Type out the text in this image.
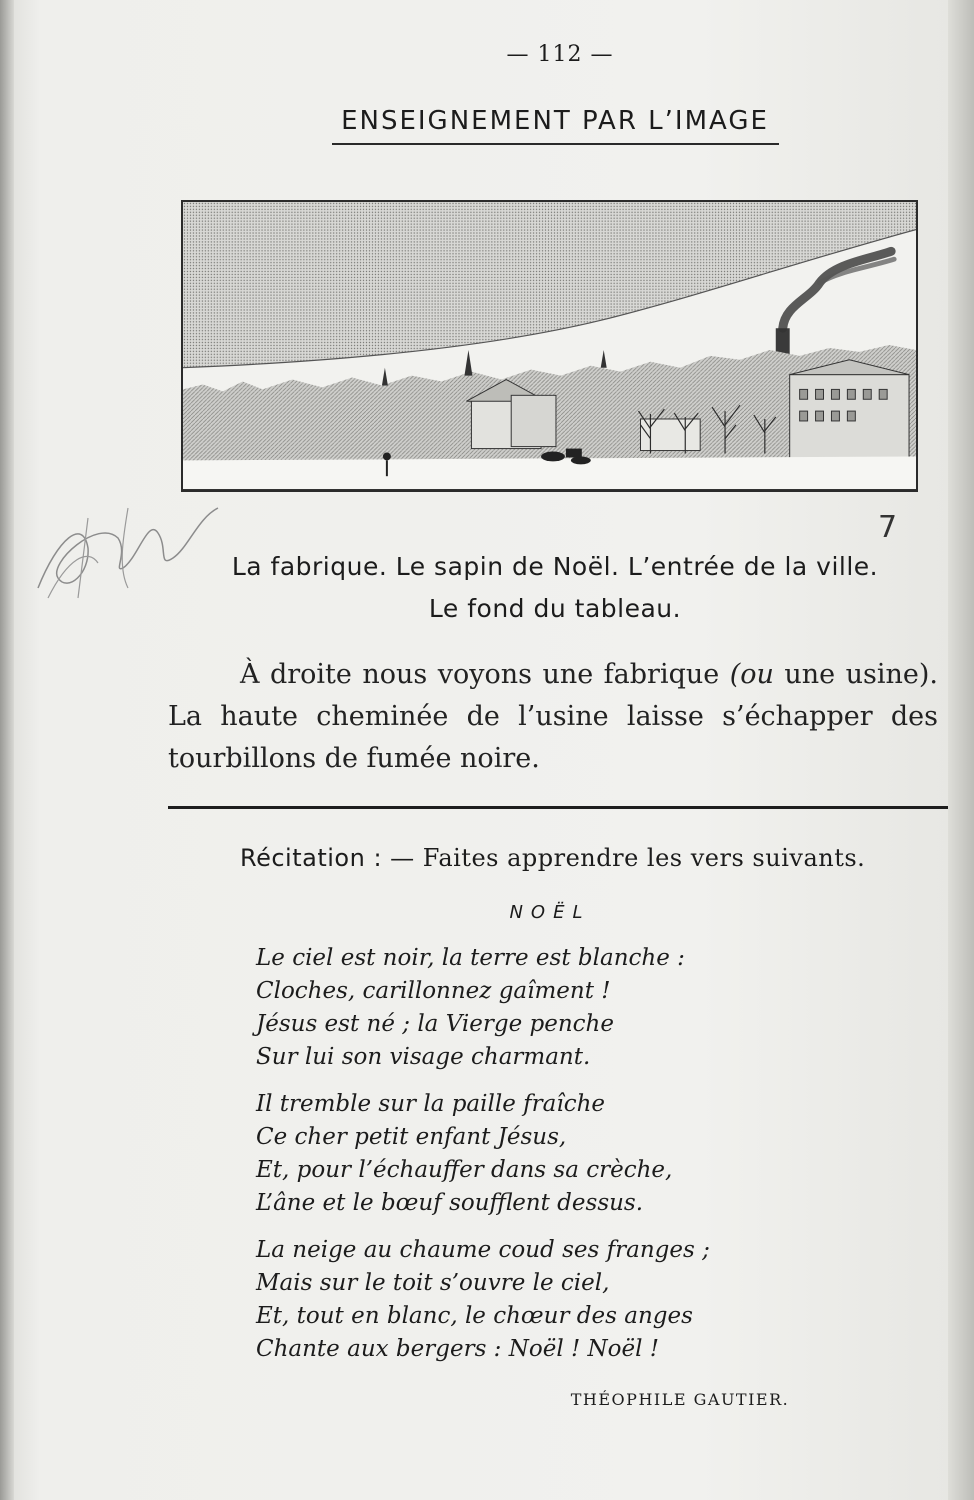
— 112 —
ENSEIGNEMENT PAR L’IMAGE
7
La fabrique. Le sapin de Noël. L’entrée de la ville.
Le fond du tableau.

À droite nous voyons une fabrique (ou une usine). La haute cheminée de l’usine laisse s’échapper des tourbillons de fumée noire.

Récitation : — Faites apprendre les vers suivants.
NOËL
Le ciel est noir, la terre est blanche :
Cloches, carillonnez gaîment !
Jésus est né ; la Vierge penche
Sur lui son visage charmant.
Il tremble sur la paille fraîche
Ce cher petit enfant Jésus,
Et, pour l’échauffer dans sa crèche,
L’âne et le bœuf soufflent dessus.
La neige au chaume coud ses franges ;
Mais sur le toit s’ouvre le ciel,
Et, tout en blanc, le chœur des anges
Chante aux bergers : Noël ! Noël !
THÉOPHILE GAUTIER.
